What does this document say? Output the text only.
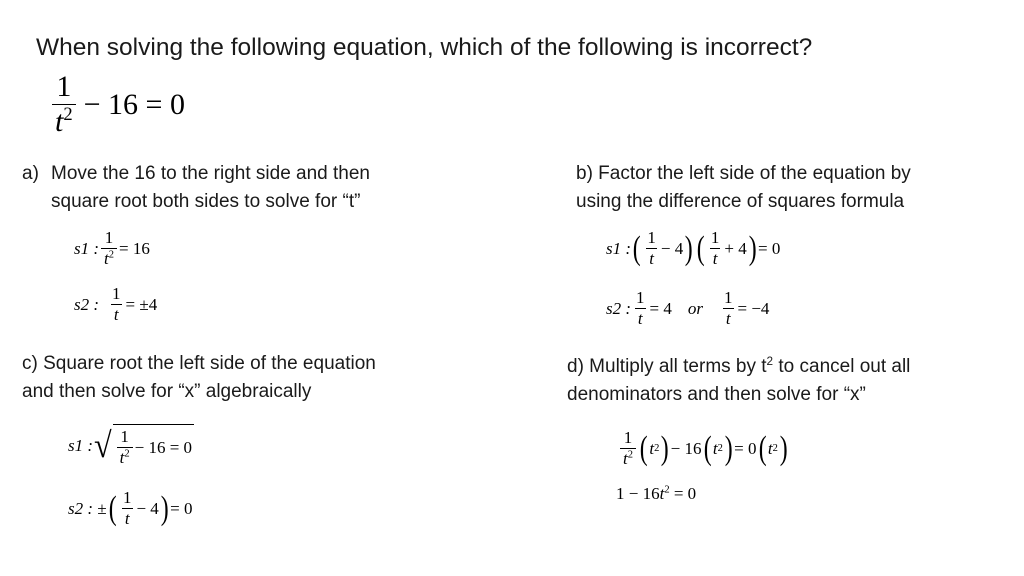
When solving the following equation, which of the following is incorrect?
$\frac{1}{t^2} - 16 = 0$
a) Move the 16 to the right side and then
square root both sides to solve for “t”
s1 : $\frac{1}{t^2} = 16$
s2 : $\frac{1}{t} = \pm 4$
b) Factor the left side of the equation by
using the difference of squares formula
s1 : ( $\frac{1}{t} - 4$ ) ( $\frac{1}{t} + 4$ ) = 0
s2 : $\frac{1}{t} = 4$ or $\frac{1}{t} = -4$
c) Square root the left side of the equation
and then solve for “x” algebraically
s1 : √ $\frac{1}{t^2} - 16 = 0$
s2 : ± ( $\frac{1}{t} - 4$ ) = 0
d) Multiply all terms by $t^2$ to cancel out all
denominators and then solve for “x”
$\frac{1}{t^2}$ ( t 2 ) − 16 ( t 2 ) = 0 ( t 2 )
$1 - 16t^2 = 0$
